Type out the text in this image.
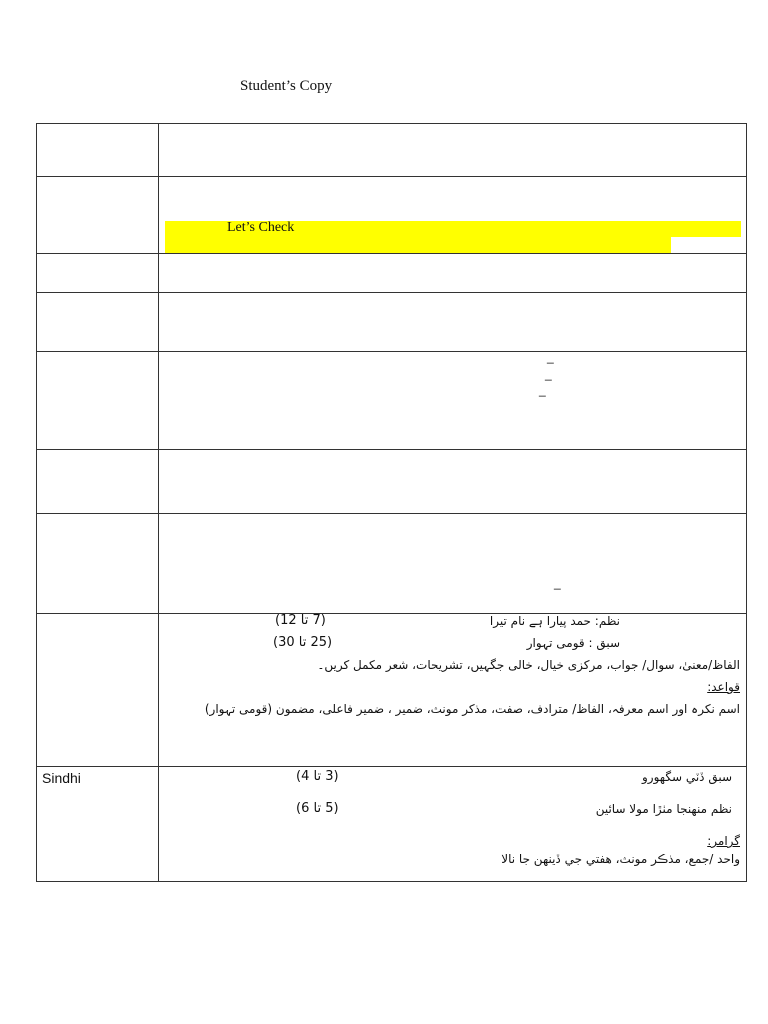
Student’s Copy
Let’s Check
_
_
_
_
نظم: حمد پیارا ہے نام تیرا
(7 تا 12)
سبق : قومی تہوار
(25 تا 30)
الفاظ/معنیٰ، سوال/ جواب، مرکزی خیال، خالی جگہیں، تشریحات، شعر مکمل کریں۔
قواعد:
اسم نکرہ اور اسم معرفہ، الفاظ/ مترادف، صفت، مذکر مونث، ضمیر ، ضمیر فاعلی، مضمون (قومی تہوار)
Sindhi	سبق ڏٽي سگهورو
(3 تا 4)
نظم منهنجا مٺڙا مولا سائين
(5 تا 6)
گرامر:
واحد /جمع، مذڪر مونث، هفتي جي ڏينهن جا نالا
